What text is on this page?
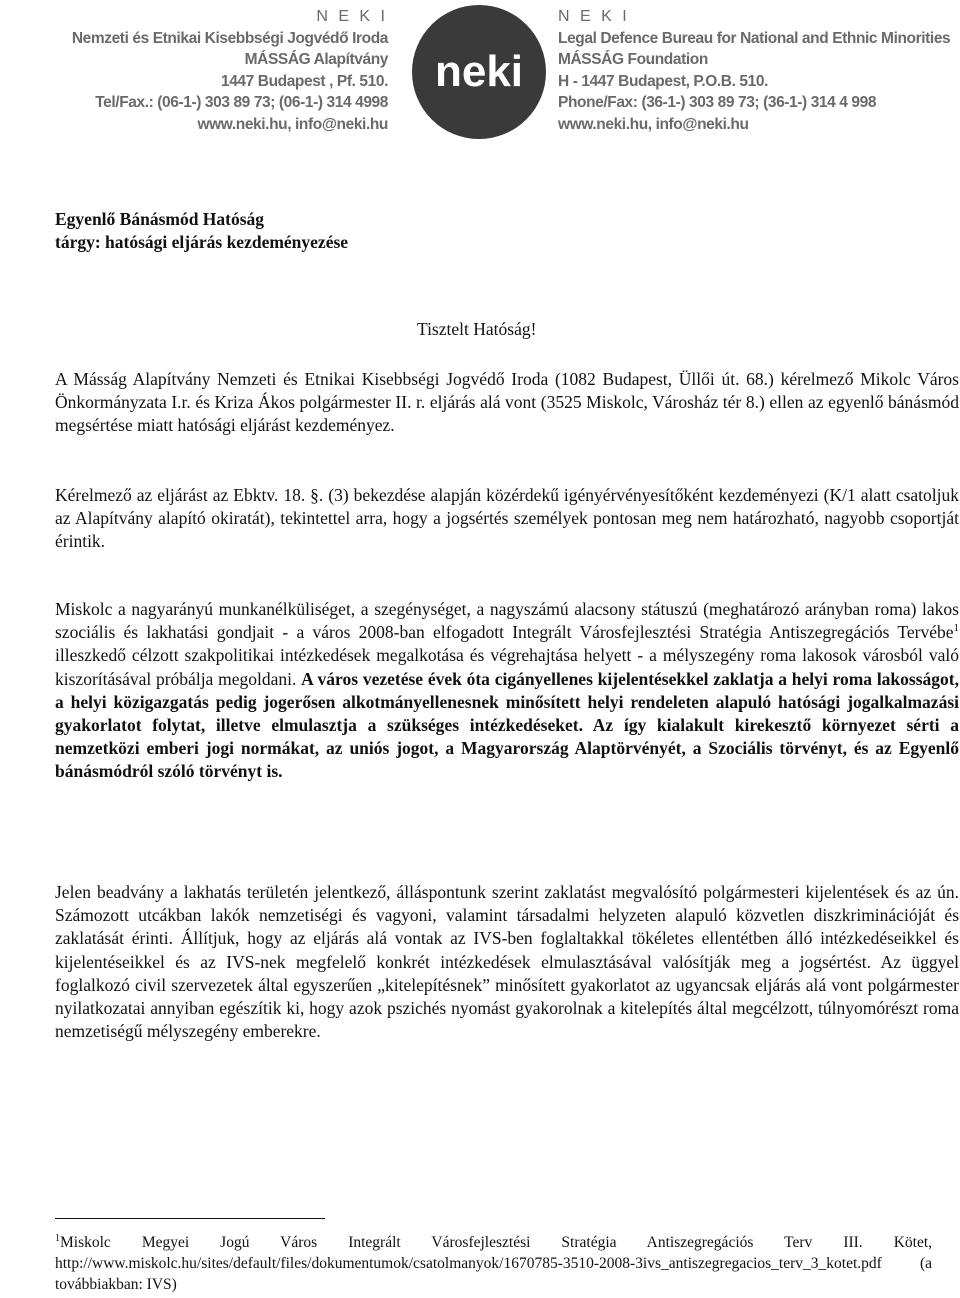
N E K I
Nemzeti és Etnikai Kisebbségi Jogvédő Iroda
MÁSSÁG Alapítvány
1447 Budapest , Pf. 510.
Tel/Fax.: (06-1-) 303 89 73; (06-1-) 314 4998
www.neki.hu, info@neki.hu
neki
N E K I
Legal Defence Bureau for National and Ethnic Minorities
MÁSSÁG Foundation
H - 1447 Budapest, P.O.B. 510.
Phone/Fax: (36-1-) 303 89 73; (36-1-) 314 4 998
www.neki.hu, info@neki.hu
Egyenlő Bánásmód Hatóság
tárgy: hatósági eljárás kezdeményezése
Tisztelt Hatóság!

A Másság Alapítvány Nemzeti és Etnikai Kisebbségi Jogvédő Iroda (1082 Budapest, Üllői út. 68.) kérelmező Mikolc Város Önkormányzata I.r. és Kriza Ákos polgármester II. r. eljárás alá vont (3525 Miskolc, Városház tér 8.) ellen az egyenlő bánásmód megsértése miatt hatósági eljárást kezdeményez.

Kérelmező az eljárást az Ebktv. 18. §. (3) bekezdése alapján közérdekű igényérvényesítőként kezdeményezi (K/1 alatt csatoljuk az Alapítvány alapító okiratát), tekintettel arra, hogy a jogsértés személyek pontosan meg nem határozható, nagyobb csoportját érintik.

Miskolc a nagyarányú munkanélküliséget, a szegénységet, a nagyszámú alacsony státuszú (meghatározó arányban roma) lakos szociális és lakhatási gondjait - a város 2008-ban elfogadott Integrált Városfejlesztési Stratégia Antiszegregációs Tervébe$^1$ illeszkedő célzott szakpolitikai intézkedések megalkotása és végrehajtása helyett - a mélyszegény roma lakosok városból való kiszorításával próbálja megoldani. A város vezetése évek óta cigányellenes kijelentésekkel zaklatja a helyi roma lakosságot, a helyi közigazgatás pedig jogerősen alkotmányellenesnek minősített helyi rendeleten alapuló hatósági jogalkalmazási gyakorlatot folytat, illetve elmulasztja a szükséges intézkedéseket. Az így kialakult kirekesztő környezet sérti a nemzetközi emberi jogi normákat, az uniós jogot, a Magyarország Alaptörvényét, a Szociális törvényt, és az Egyenlő bánásmódról szóló törvényt is.

Jelen beadvány a lakhatás területén jelentkező, álláspontunk szerint zaklatást megvalósító polgármesteri kijelentések és az ún. Számozott utcákban lakók nemzetiségi és vagyoni, valamint társadalmi helyzeten alapuló közvetlen diszkriminációját és zaklatását érinti. Állítjuk, hogy az eljárás alá vontak az IVS-ben foglaltakkal tökéletes ellentétben álló intézkedéseikkel és kijelentéseikkel és az IVS-nek megfelelő konkrét intézkedések elmulasztásával valósítják meg a jogsértést. Az üggyel foglalkozó civil szervezetek által egyszerűen „kitelepítésnek” minősített gyakorlatot az ugyancsak eljárás alá vont polgármester nyilatkozatai annyiban egészítik ki, hogy azok pszichés nyomást gyakorolnak a kitelepítés által megcélzott, túlnyomórészt roma nemzetiségű mélyszegény emberekre.

$^1$Miskolc Megyei Jogú Város Integrált Városfejlesztési Stratégia Antiszegregációs Terv III. Kötet, http://www.miskolc.hu/sites/default/files/dokumentumok/csatolmanyok/1670785-3510-2008-3ivs_antiszegregacios_terv_3_kotet.pdf (a továbbiakban: IVS)
